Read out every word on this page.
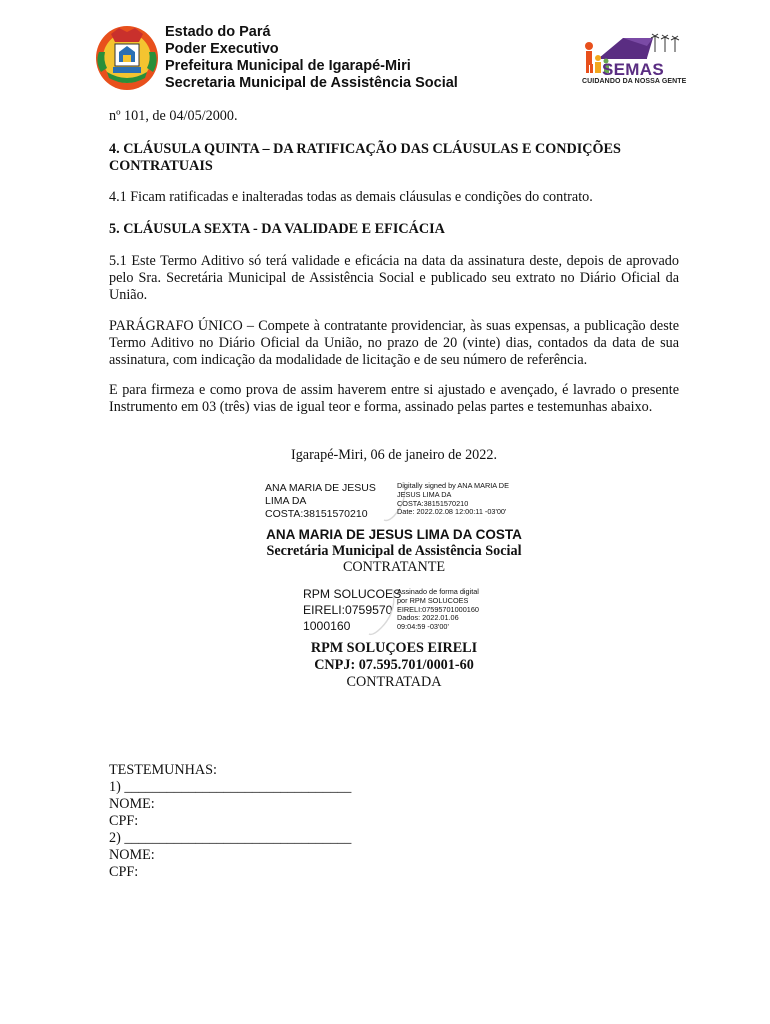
Estado do Pará
Poder Executivo
Prefeitura Municipal de Igarapé-Miri
Secretaria Municipal de Assistência Social
SEMAS
CUIDANDO DA NOSSA GENTE
nº 101, de 04/05/2000.
4. CLÁUSULA QUINTA – DA RATIFICAÇÃO DAS CLÁUSULAS E CONDIÇÕES CONTRATUAIS
4.1 Ficam ratificadas e inalteradas todas as demais cláusulas e condições do contrato.
5. CLÁUSULA SEXTA - DA VALIDADE E EFICÁCIA
5.1 Este Termo Aditivo só terá validade e eficácia na data da assinatura deste, depois de aprovado pelo Sra. Secretária Municipal de Assistência Social e publicado seu extrato no Diário Oficial da União.
PARÁGRAFO ÚNICO – Compete à contratante providenciar, às suas expensas, a publicação deste Termo Aditivo no Diário Oficial da União, no prazo de 20 (vinte) dias, contados da data de sua assinatura, com indicação da modalidade de licitação e de seu número de referência.
E para firmeza e como prova de assim haverem entre si ajustado e avençado, é lavrado o presente Instrumento em 03 (três) vias de igual teor e forma, assinado pelas partes e testemunhas abaixo.
Igarapé-Miri, 06 de janeiro de 2022.
ANA MARIA DE JESUS
LIMA DA
COSTA:38151570210
Digitally signed by ANA MARIA DE
JESUS LIMA DA
COSTA:38151570210
Date: 2022.02.08 12:00:11 -03'00'
ANA MARIA DE JESUS LIMA DA COSTA
Secretária Municipal de Assistência Social
CONTRATANTE
RPM SOLUCOES
EIRELI:0759570
1000160
Assinado de forma digital
por RPM SOLUCOES
EIRELI:07595701000160
Dados: 2022.01.06
09:04:59 -03'00'
RPM SOLUÇOES EIRELI
CNPJ: 07.595.701/0001-60
CONTRATADA
TESTEMUNHAS:
1) ________________________________
NOME:
CPF:
2) ________________________________
NOME:
CPF:
